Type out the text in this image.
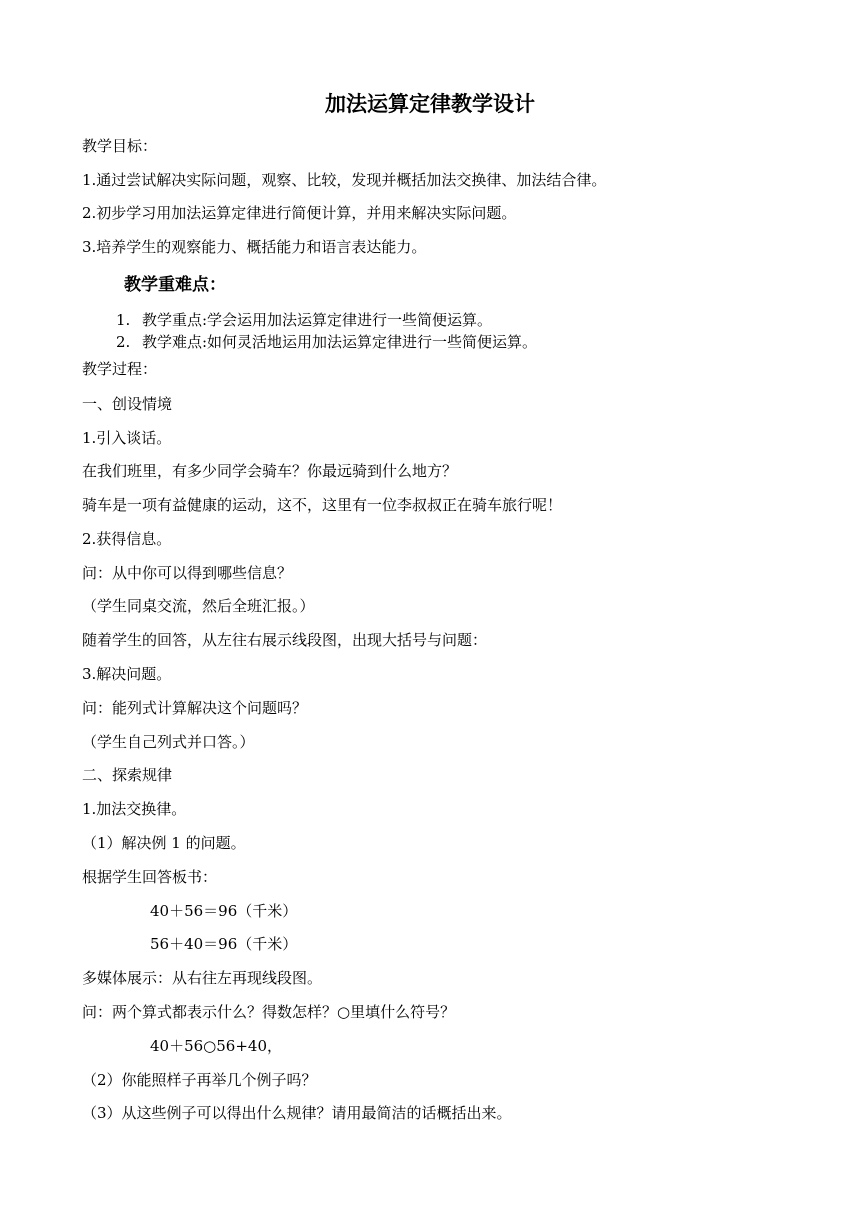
加法运算定律教学设计
教学目标：
1.通过尝试解决实际问题，观察、比较，发现并概括加法交换律、加法结合律。
2.初步学习用加法运算定律进行简便计算，并用来解决实际问题。
3.培养学生的观察能力、概括能力和语言表达能力。
教学重难点：
1. 教学重点:学会运用加法运算定律进行一些简便运算。
2. 教学难点:如何灵活地运用加法运算定律进行一些简便运算。
教学过程：
一、创设情境
1.引入谈话。
在我们班里，有多少同学会骑车？你最远骑到什么地方？
骑车是一项有益健康的运动，这不，这里有一位李叔叔正在骑车旅行呢！
2.获得信息。
问：从中你可以得到哪些信息？
（学生同桌交流，然后全班汇报。）
随着学生的回答，从左往右展示线段图，出现大括号与问题：
3.解决问题。
问：能列式计算解决这个问题吗？
（学生自己列式并口答。）
二、探索规律
1.加法交换律。
（1）解决例 1 的问题。
根据学生回答板书：
40＋56＝96（千米）
56＋40＝96（千米）
多媒体展示：从右往左再现线段图。
问：两个算式都表示什么？得数怎样？○里填什么符号？
40＋56○56+40，
（2）你能照样子再举几个例子吗？
（3）从这些例子可以得出什么规律？请用最简洁的话概括出来。
